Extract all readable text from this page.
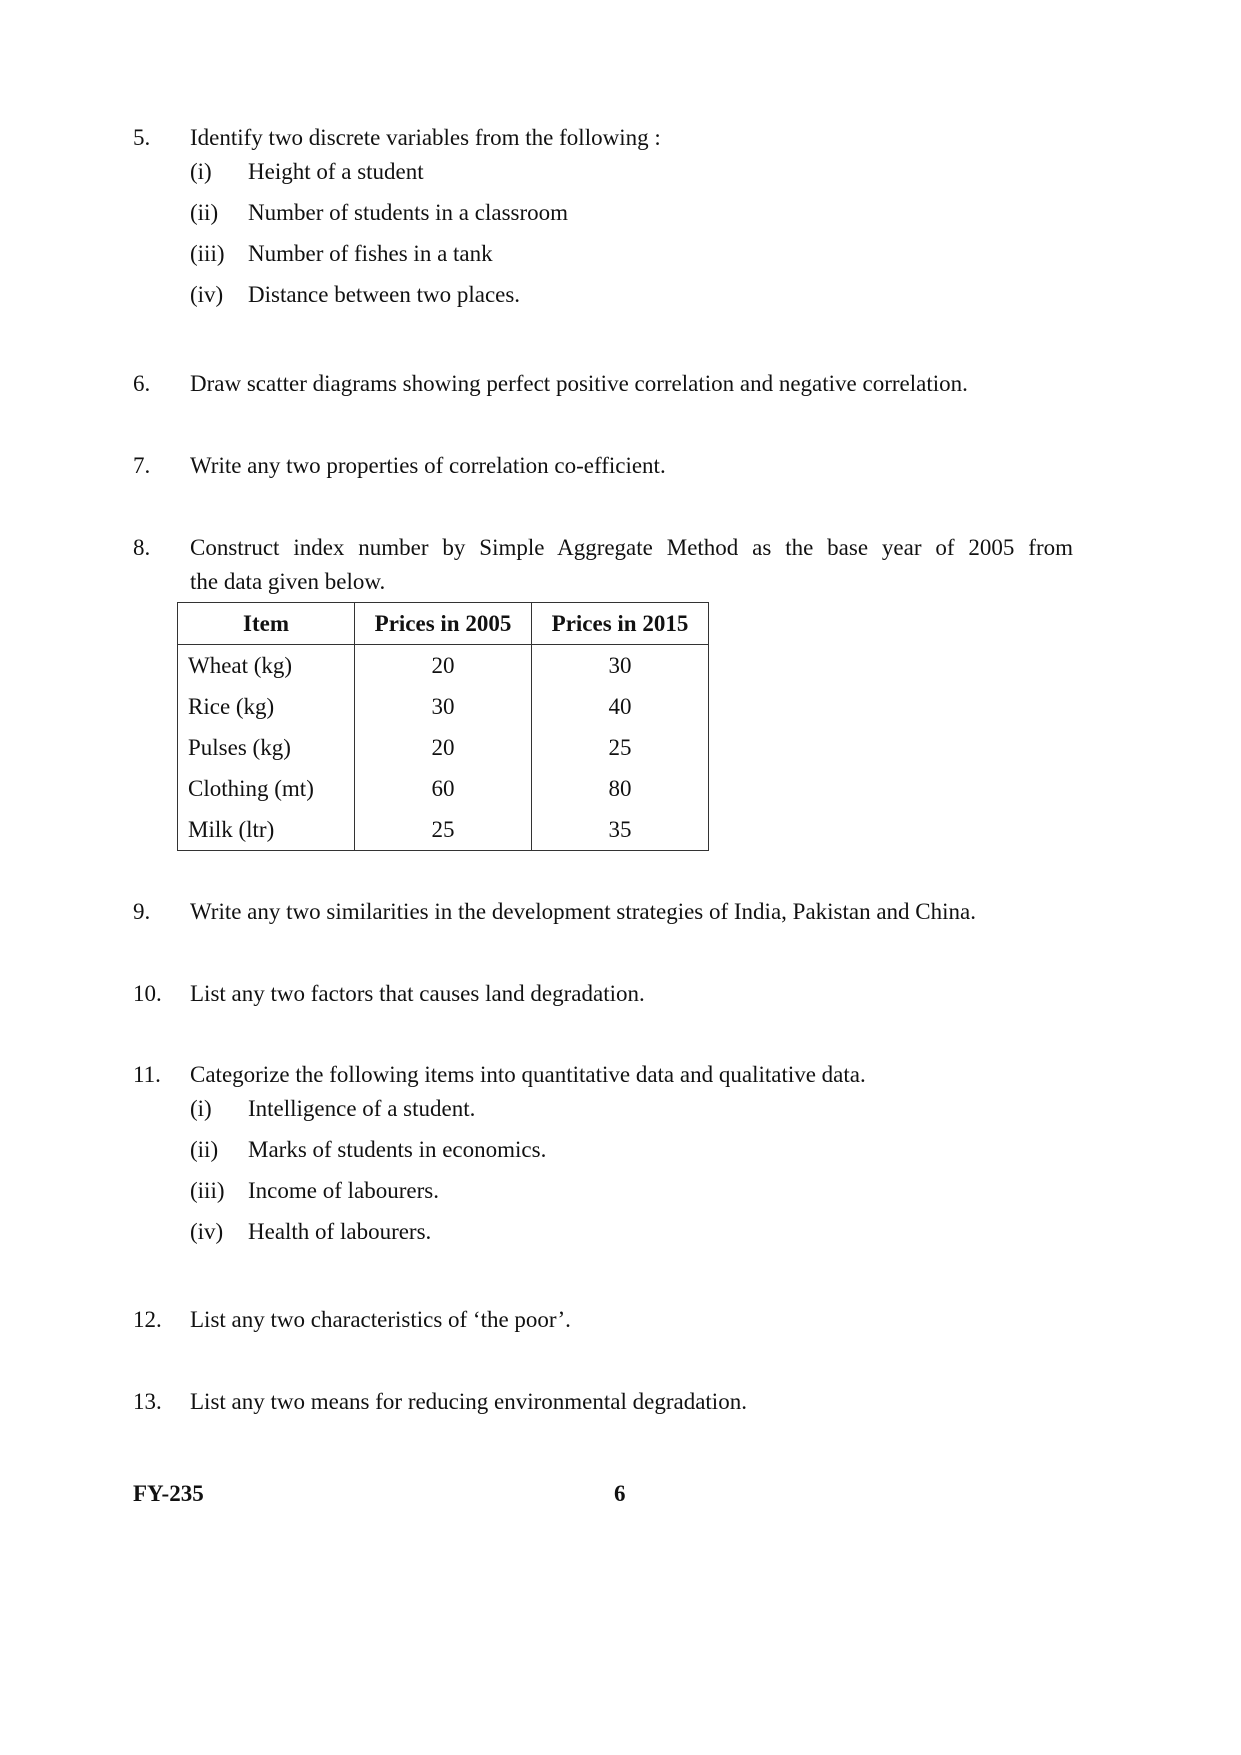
5.	Identify two discrete variables from the following :
(i)	Height of a student
(ii)	Number of students in a classroom
(iii)	Number of fishes in a tank
(iv)	Distance between two places.
6.	Draw scatter diagrams showing perfect positive correlation and negative correlation.
7.	Write any two properties of correlation co-efficient.
8.	Construct index number by Simple Aggregate Method as the base year of 2005 from
the data given below.
Item	Prices in 2005	Prices in 2015
Wheat (kg)	20	30
Rice (kg)	30	40
Pulses (kg)	20	25
Clothing (mt)	60	80
Milk (ltr)	25	35
9.	Write any two similarities in the development strategies of India, Pakistan and China.
10.	List any two factors that causes land degradation.
11.	Categorize the following items into quantitative data and qualitative data.
(i)	Intelligence of a student.
(ii)	Marks of students in economics.
(iii)	Income of labourers.
(iv)	Health of labourers.
12.	List any two characteristics of ‘the poor’.
13.	List any two means for reducing environmental degradation.
FY-235	6
